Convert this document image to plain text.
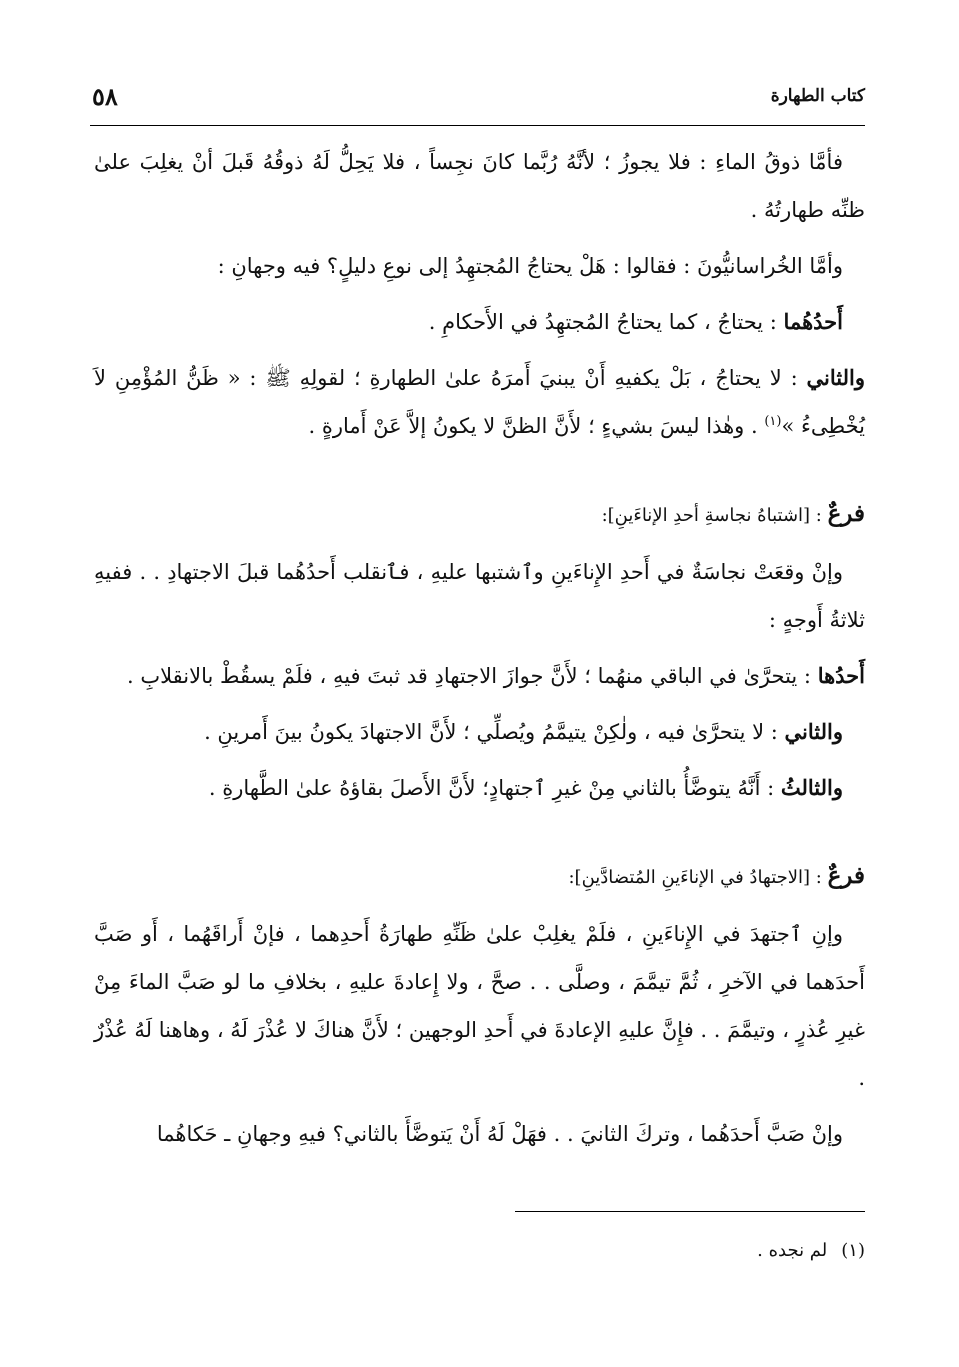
كتاب الطهارة
٥٨

فأمَّا ذوقُ الماءِ : فلا يجوزُ ؛ لأنَّهُ رُبَّما كانَ نجِساً ، فلا يَحِلُّ لَهُ ذوقُهُ قَبلَ أنْ يغلِبَ علىٰ ظنِّه طهارتُهُ .

وأمَّا الخُراسانيُّونَ : فقالوا : هَلْ يحتاجُ المُجتهِدُ إلى نوعِ دليلٍ؟ فيه وجهانِ :

أَحدُهُما : يحتاجُ ، كما يحتاجُ المُجتهِدُ في الأَحكامِ .

والثاني : لا يحتاجُ ، بَلْ يكفيهِ أَنْ يبنيَ أَمرَهُ علىٰ الطهارةِ ؛ لقولِهِ ﷺ : « ظَنُّ المُؤْمِنِ لاَ يُخْطِىءُ »$^{(١)}$ . وهٰذا ليسَ بشيءٍ ؛ لأَنَّ الظنَّ لا يكونُ إلاَّ عَنْ أَمارةٍ .

فرعٌ : [اشتباهُ نجاسةِ أحدِ الإناءَينِ]:

وإنْ وقعَتْ نجاسَةٌ في أَحدِ الإِناءَينِ وٱشتبها عليهِ ، فٱنقلب أَحدُهُما قبلَ الاجتهادِ . . ففيهِ ثلاثةُ أَوجهٍ :

أَحدُها : يتحرَّىٰ في الباقي منهُما ؛ لأَنَّ جوازَ الاجتهادِ قد ثبتَ فيهِ ، فلَمْ يسقُطْ بالانقلابِ .

والثاني : لا يتحرَّىٰ فيه ، ولٰكِنْ يتيمَّمُ ويُصلِّي ؛ لأَنَّ الاجتهادَ يكونُ بينَ أَمرينِ .

والثالثُ : أَنَّهُ يتوضَّأُ بالثاني مِنْ غيرِ ٱجتهادٍ؛ لأَنَّ الأَصلَ بقاؤهُ علىٰ الطَّهارةِ .

فرعٌ : [الاجتهادُ في الإناءَينِ المُتضادَّينِ]:

وإنِ ٱجتهدَ في الإِناءَينِ ، فلَمْ يغلِبْ علىٰ ظَنِّهِ طهارَةُ أَحدِهما ، فإنْ أَراقَهُما ، أَو صَبَّ أَحدَهما في الآخرِ ، ثُمَّ تيمَّمَ ، وصلَّى . . صحَّ ، ولا إِعادةَ عليهِ ، بخلافِ ما لو صَبَّ الماءَ مِنْ غيرِ عُذرٍ ، وتيمَّمَ . . فإِنَّ عليهِ الإعادةَ في أَحدِ الوجهين ؛ لأَنَّ هناكَ لا عُذْرَ لَهُ ، وهاهنا لَهُ عُذْرٌ .

وإنْ صَبَّ أَحدَهُما ، وتركَ الثانيَ . . فهَلْ لَهُ أَنْ يَتوضَّأَ بالثاني؟ فيهِ وجهانِ ـ حَكاهُما

(١)لم نجده .
